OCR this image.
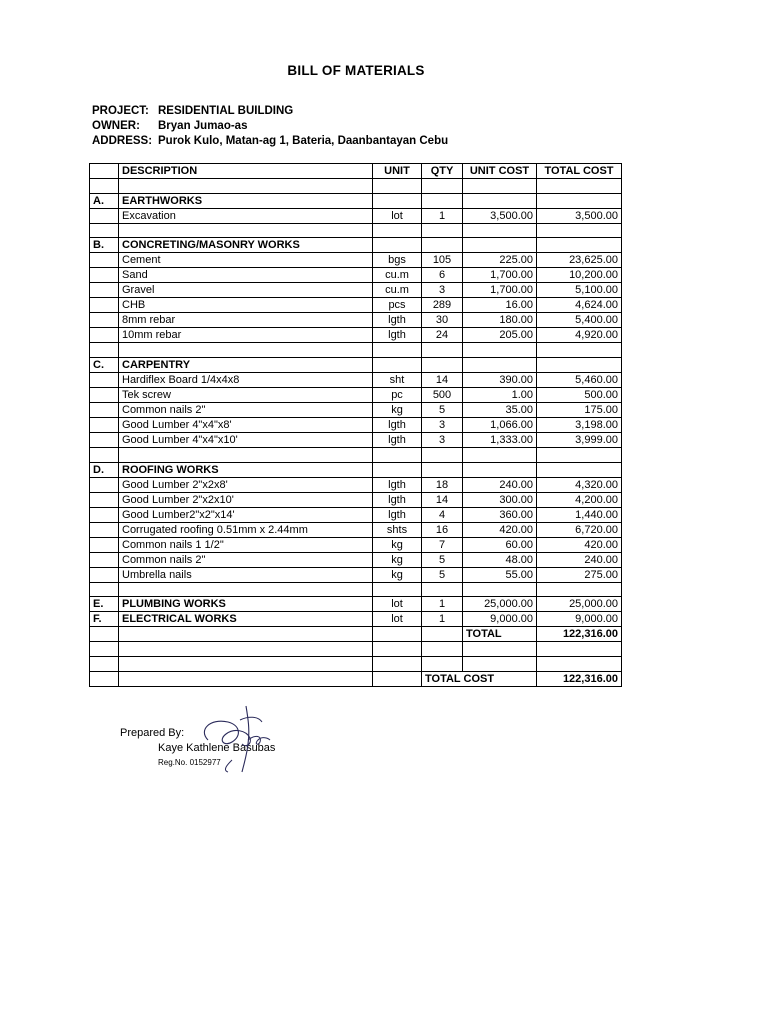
BILL OF MATERIALS
PROJECT: RESIDENTIAL BUILDING
OWNER: Bryan Jumao-as
ADDRESS: Purok Kulo, Matan-ag 1, Bateria, Daanbantayan Cebu
	DESCRIPTION	UNIT	QTY	UNIT COST	TOTAL COST

A.	EARTHWORKS				
	Excavation	lot	1	3,500.00	3,500.00

B.	CONCRETING/MASONRY WORKS				
	Cement	bgs	105	225.00	23,625.00
	Sand	cu.m	6	1,700.00	10,200.00
	Gravel	cu.m	3	1,700.00	5,100.00
	CHB	pcs	289	16.00	4,624.00
	8mm rebar	lgth	30	180.00	5,400.00
	10mm rebar	lgth	24	205.00	4,920.00

C.	CARPENTRY				
	Hardiflex Board 1/4x4x8	sht	14	390.00	5,460.00
	Tek screw	pc	500	1.00	500.00
	Common nails 2"	kg	5	35.00	175.00
	Good Lumber 4"x4"x8'	lgth	3	1,066.00	3,198.00
	Good Lumber 4"x4"x10'	lgth	3	1,333.00	3,999.00

D.	ROOFING WORKS				
	Good Lumber 2"x2x8'	lgth	18	240.00	4,320.00
	Good Lumber 2"x2x10'	lgth	14	300.00	4,200.00
	Good Lumber2"x2"x14'	lgth	4	360.00	1,440.00
	Corrugated roofing 0.51mm x 2.44mm	shts	16	420.00	6,720.00
	Common nails 1 1/2"	kg	7	60.00	420.00
	Common nails 2"	kg	5	48.00	240.00
	Umbrella nails	kg	5	55.00	275.00

E.	PLUMBING WORKS	lot	1	25,000.00	25,000.00
F.	ELECTRICAL WORKS	lot	1	9,000.00	9,000.00
				TOTAL	122,316.00

			TOTAL COST		122,316.00
Prepared By:
Kaye Kathlene Basubas
Reg.No. 0152977
